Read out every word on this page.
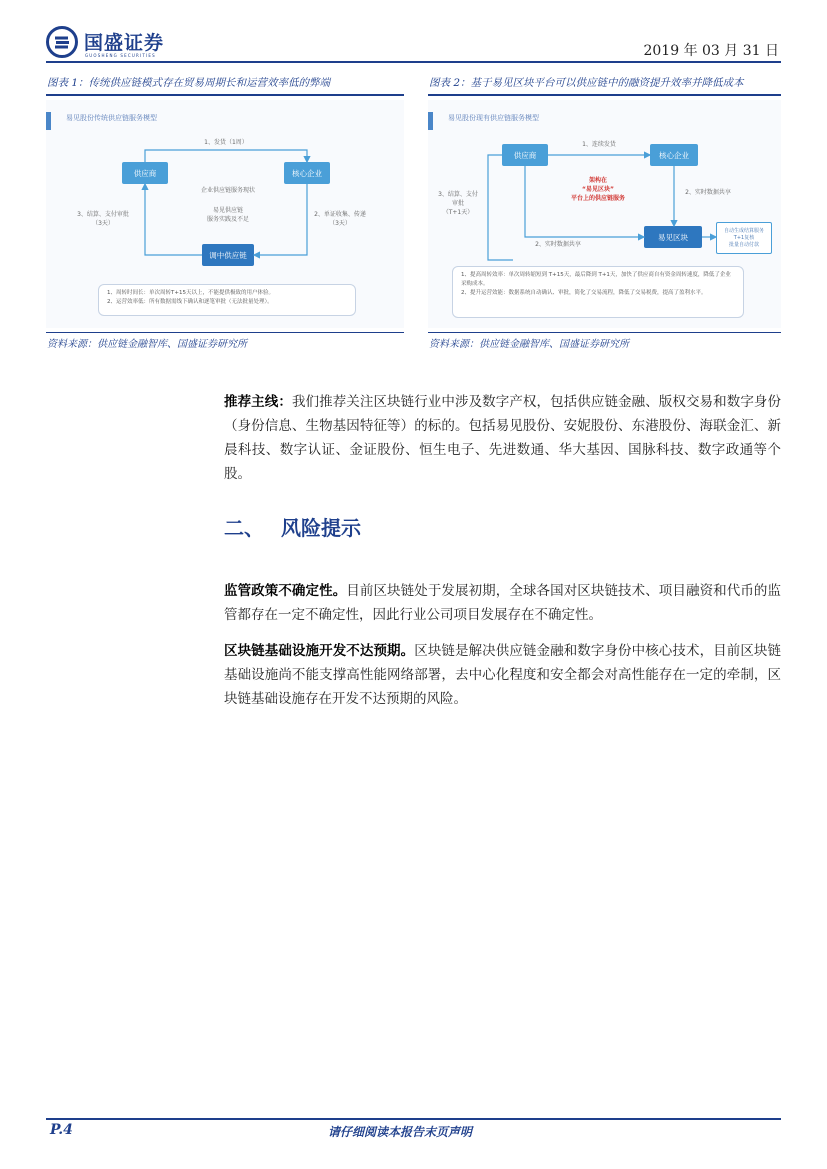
国盛证券
GUOSHENG SECURITIES	2019 年 03 月 31 日
图表 1：传统供应链模式存在贸易周期长和运营效率低的弊端	图表 2：基于易见区块平台可以供应链中的融资提升效率并降低成本
易见股份传统供应链服务模型
供应商	核心企业
调中供应链
1、发货（1周）
2、单证收集、传递
（3天）
3、结算、支付审批
（3天）
企业供应链服务现状
易见供应链
服务实践及不足
1、周转时间长：单次周转T+15天以上，不能提供极致的用户体验。
2、运营效率低：所有数据需线下确认和逐笔审批（无法批量处理）。
资料来源：供应链金融智库、国盛证券研究所
易见股份现有供应链服务模型
供应商	核心企业
易见区块
自动生成结算服务
T+1复核
批量自动付款
1、连续发货
2、实时数据共享
2、实时数据共享
3、结算、支付
审批
（T+1天）
架构在
“易见区块”
平台上的供应链服务
1、提高周转效率：单次周转缩短到 T+15天，最后降到 T+1天，加快了供应商自有资金周转速度，降低了企业采购成本。
2、提升运营效能：数据系统自动确认、审批，简化了交易流程，降低了交易税费，提高了盈利水平。
资料来源：供应链金融智库、国盛证券研究所
推荐主线：我们推荐关注区块链行业中涉及数字产权，包括供应链金融、版权交易和数字身份（身份信息、生物基因特征等）的标的。包括易见股份、安妮股份、东港股份、海联金汇、新晨科技、数字认证、金证股份、恒生电子、先进数通、华大基因、国脉科技、数字政通等个股。
二、 风险提示
监管政策不确定性。目前区块链处于发展初期，全球各国对区块链技术、项目融资和代币的监管都存在一定不确定性，因此行业公司项目发展存在不确定性。
区块链基础设施开发不达预期。区块链是解决供应链金融和数字身份中核心技术，目前区块链基础设施尚不能支撑高性能网络部署，去中心化程度和安全都会对高性能存在一定的牵制，区块链基础设施存在开发不达预期的风险。
P.4	请仔细阅读本报告末页声明
